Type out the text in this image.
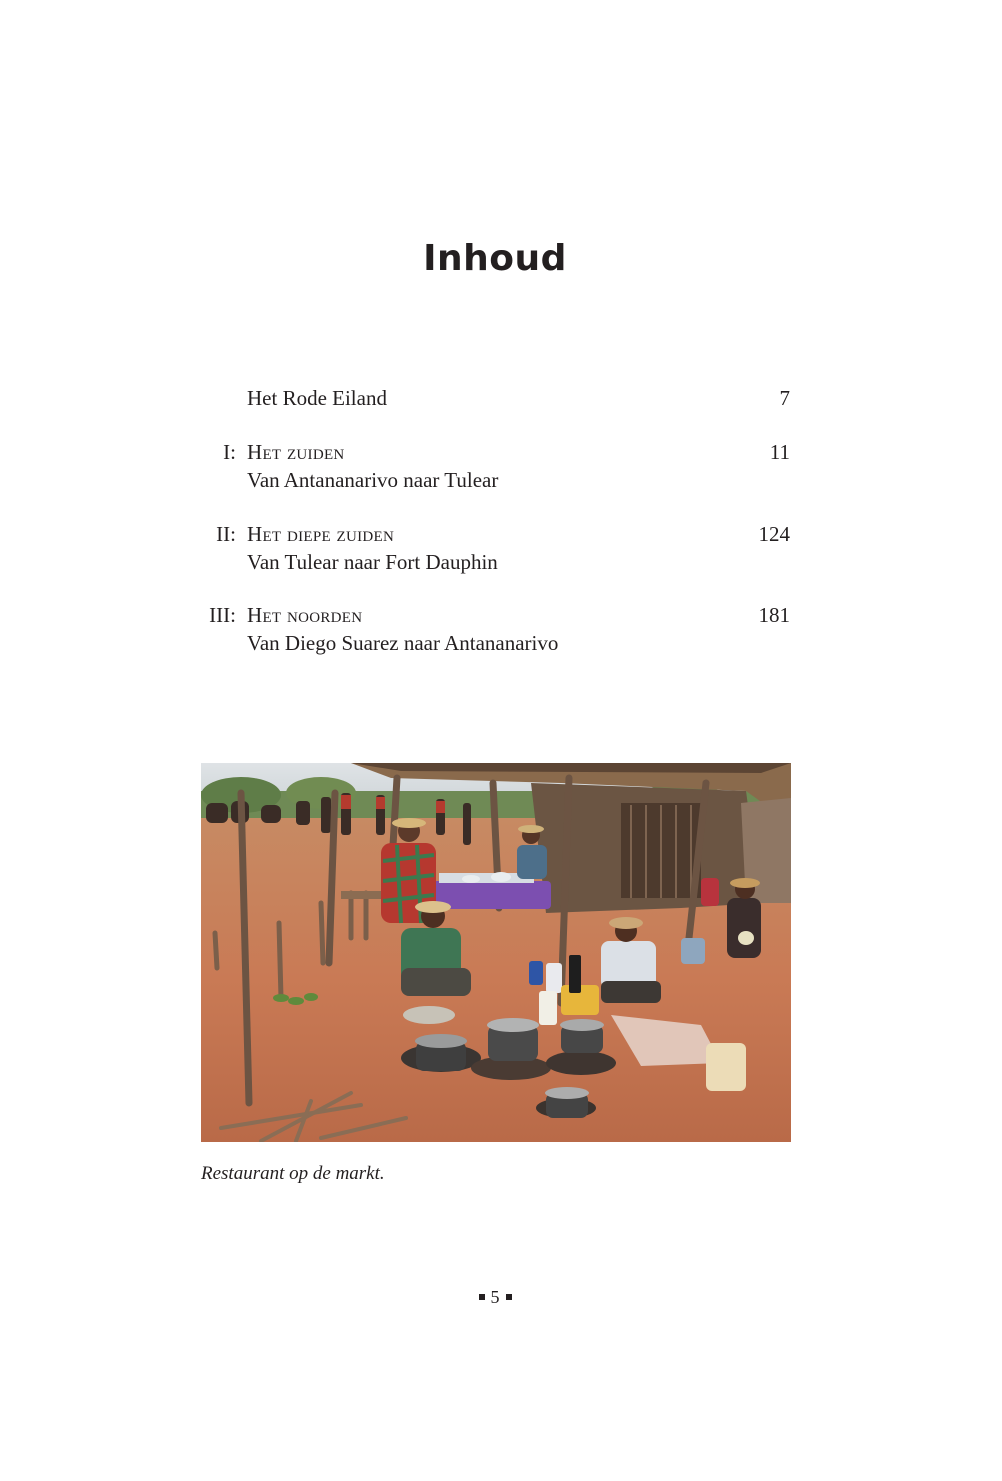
Inhoud
Het Rode Eiland	7
I: Het zuiden
Van Antananarivo naar Tulear
11
II: Het diepe zuiden
Van Tulear naar Fort Dauphin
124
III: Het noorden
Van Diego Suarez naar Antananarivo
181
Restaurant op de markt.
5
